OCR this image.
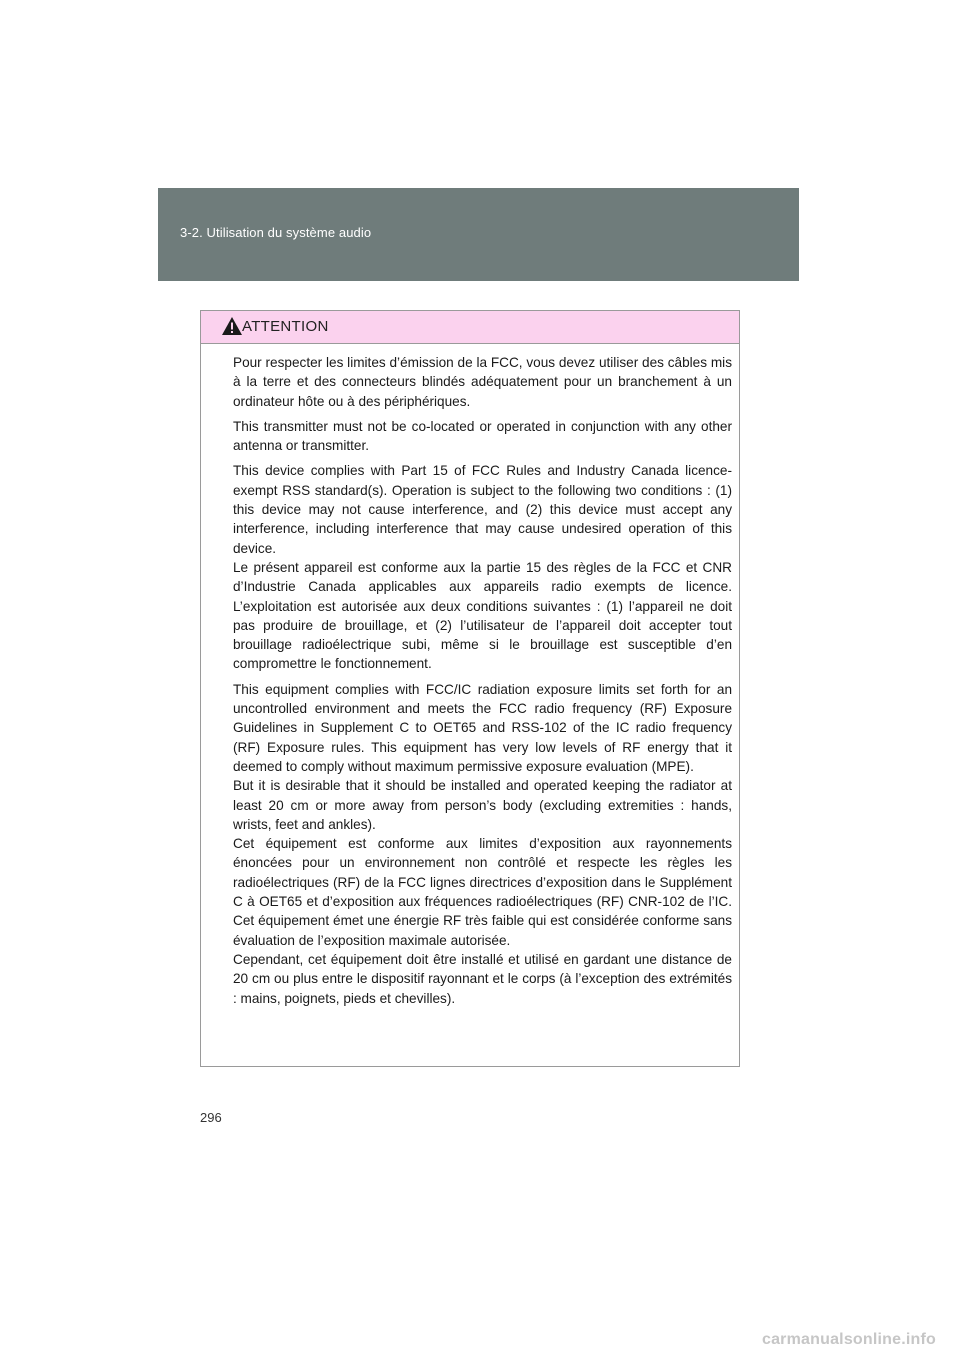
3-2. Utilisation du système audio
ATTENTION

Pour respecter les limites d’émission de la FCC, vous devez utiliser des câbles mis à la terre et des connecteurs blindés adéquatement pour un branchement à un ordinateur hôte ou à des périphériques.

This transmitter must not be co-located or operated in conjunction with any other antenna or transmitter.

This device complies with Part 15 of FCC Rules and Industry Canada licence-exempt RSS standard(s). Operation is subject to the following two conditions : (1) this device may not cause interference, and (2) this device must accept any interference, including interference that may cause undesired operation of this device.
Le présent appareil est conforme aux la partie 15 des règles de la FCC et CNR d’Industrie Canada applicables aux appareils radio exempts de licence. L’exploitation est autorisée aux deux conditions suivantes : (1) l’appareil ne doit pas produire de brouillage, et (2) l’utilisateur de l’appareil doit accepter tout brouillage radioélectrique subi, même si le brouillage est susceptible d’en compromettre le fonctionnement.

This equipment complies with FCC/IC radiation exposure limits set forth for an uncontrolled environment and meets the FCC radio frequency (RF) Exposure Guidelines in Supplement C to OET65 and RSS-102 of the IC radio frequency (RF) Exposure rules. This equipment has very low levels of RF energy that it deemed to comply without maximum permissive exposure evaluation (MPE).
But it is desirable that it should be installed and operated keeping the radiator at least 20 cm or more away from person’s body (excluding extremities : hands, wrists, feet and ankles).
Cet équipement est conforme aux limites d’exposition aux rayonnements énoncées pour un environnement non contrôlé et respecte les règles les radioélectriques (RF) de la FCC lignes directrices d’exposition dans le Supplément C à OET65 et d’exposition aux fréquences radioélectriques (RF) CNR-102 de l’IC. Cet équipement émet une énergie RF très faible qui est considérée conforme sans évaluation de l’exposition maximale autorisée.
Cependant, cet équipement doit être installé et utilisé en gardant une distance de 20 cm ou plus entre le dispositif rayonnant et le corps (à l’exception des extrémités : mains, poignets, pieds et chevilles).

296
carmanualsonline.info
